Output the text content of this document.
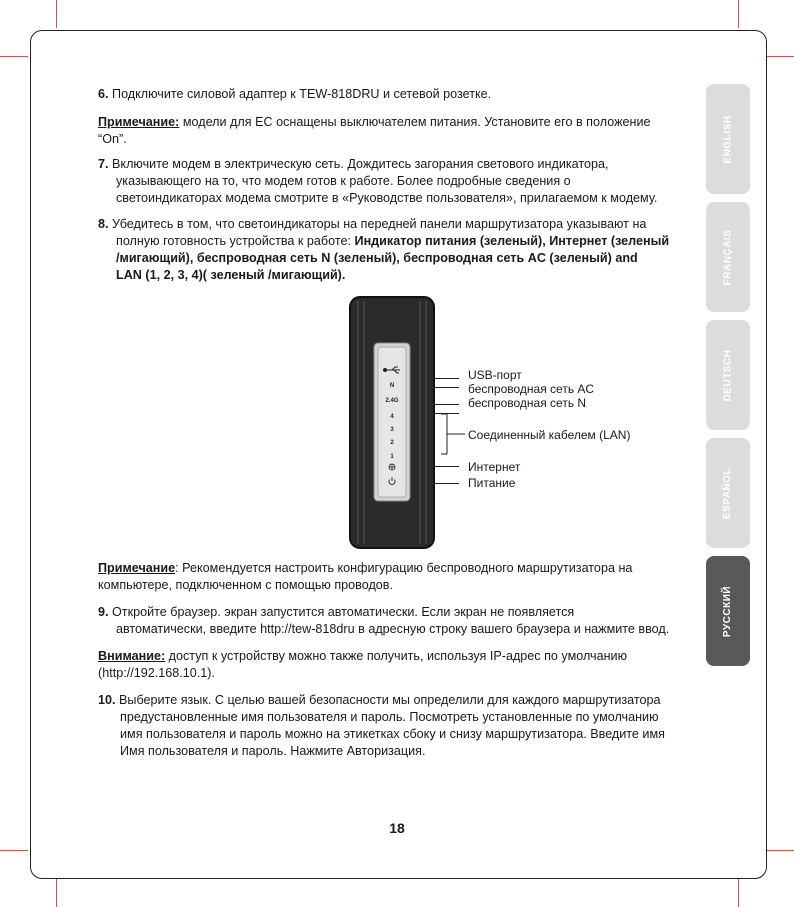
ENGLISH
FRANÇAIS
DEUTSCH
ESPAÑOL
РУССКИЙ
6. Подключите силовой адаптер к TEW-818DRU и сетевой розетке.
Примечание: модели для ЕС оснащены выключателем питания. Установите его в положение
“On”.
7. Включите модем в электрическую сеть. Дождитесь загорания светового индикатора,
указывающего на то, что модем готов к работе. Более подробные сведения о
светоиндикаторах модема смотрите в «Руководстве пользователя», прилагаемом к модему.
8. Убедитесь в том, что светоиндикаторы на передней панели маршрутизатора указывают на
полную готовность устройства к работе: Индикатор питания (зеленый), Интернет (зеленый
/мигающий), беспроводная сеть N (зеленый), беспроводная сеть AC (зеленый) and
LAN (1, 2, 3, 4)( зеленый /мигающий).
Примечание: Рекомендуется настроить конфигурацию беспроводного маршрутизатора на
компьютере, подключенном с помощью проводов.
9. Откройте браузер. экран запустится автоматически. Если экран не появляется
автоматически, введите http://tew-818dru в адресную строку вашего браузера и нажмите ввод.
Внимание: доступ к устройству можно также получить, используя IP-адрес по умолчанию
(http://192.168.10.1).
10. Выберите язык. С целью вашей безопасности мы определили для каждого маршрутизатора
предустановленные имя пользователя и пароль. Посмотреть установленные по умолчанию
имя пользователя и пароль можно на этикетках сбоку и снизу маршрутизатора. Введите имя
Имя пользователя и пароль. Нажмите Авторизация.
N
2.4G
4
3
2
1
USB-порт
беспроводная сеть AC
беспроводная сеть N
Соединенный кабелем (LAN)
Интернет
Питание
18
